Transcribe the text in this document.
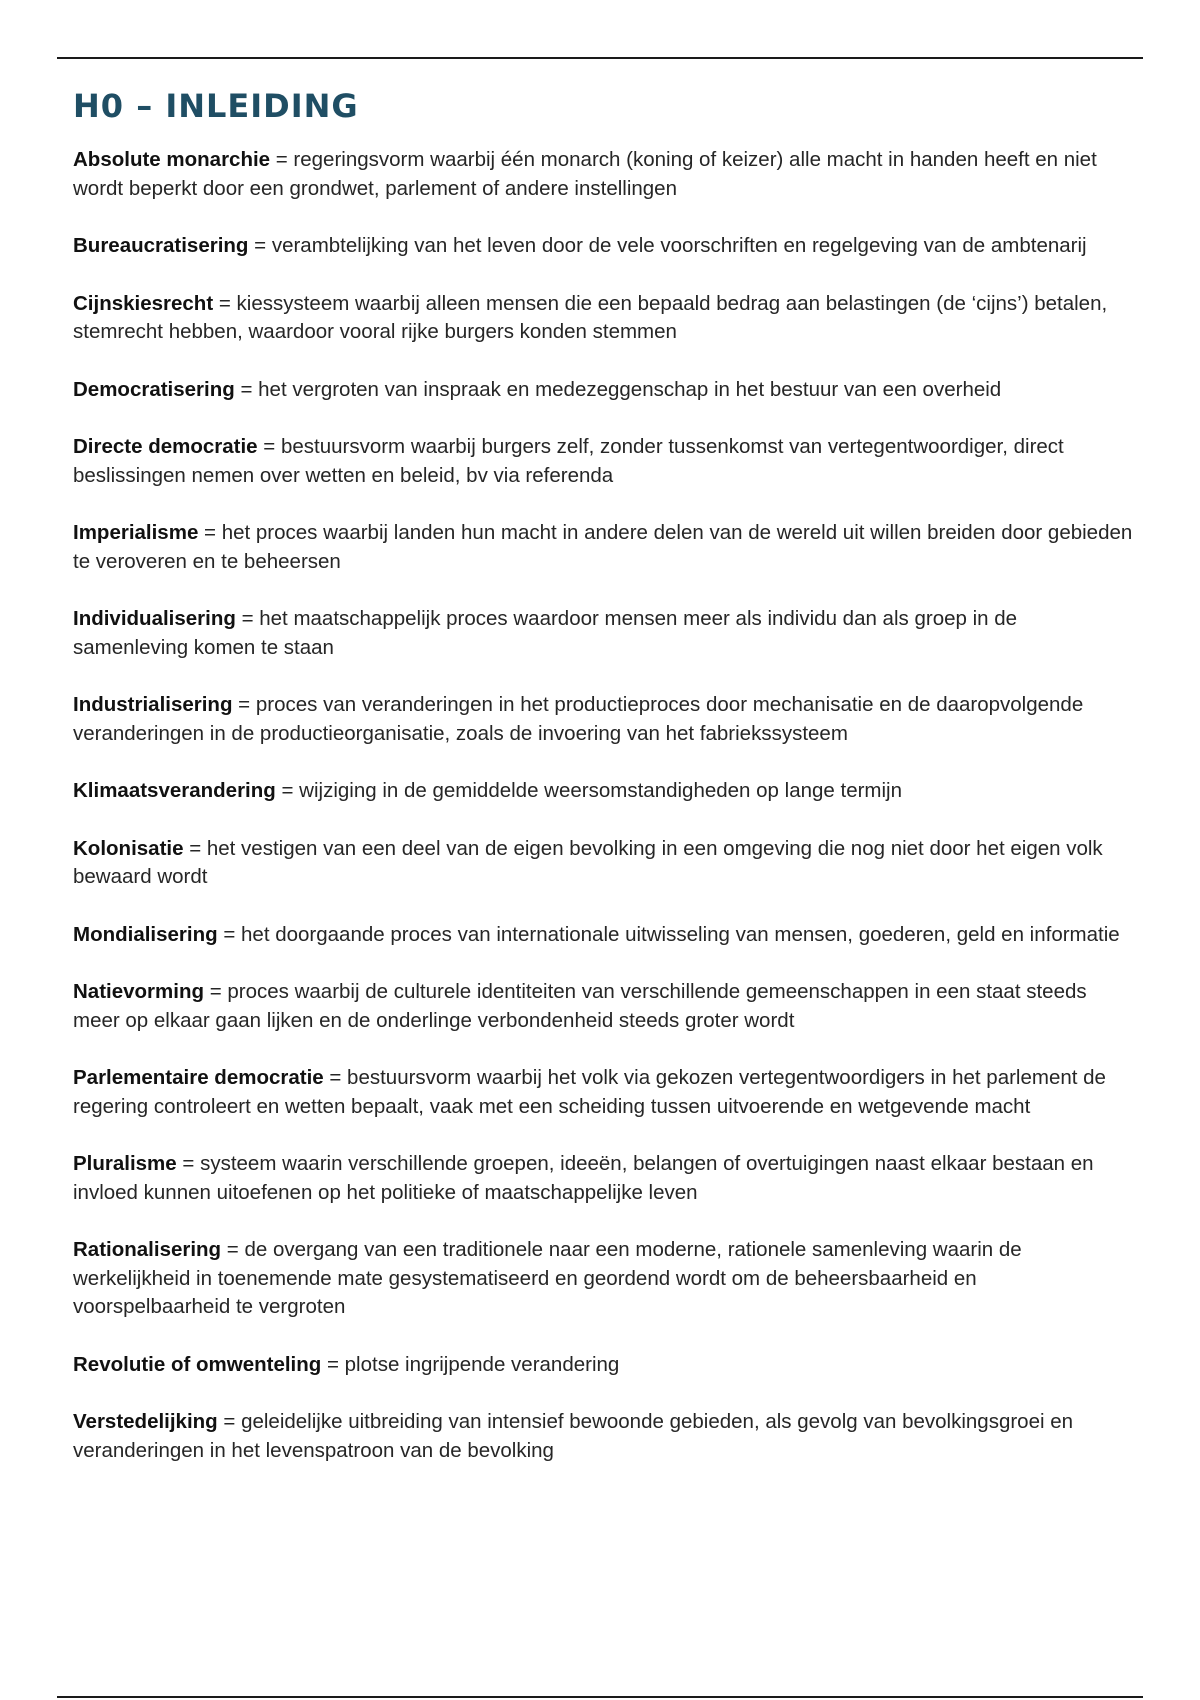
H0 – INLEIDING

Absolute monarchie = regeringsvorm waarbij één monarch (koning of keizer) alle macht in handen heeft en niet wordt beperkt door een grondwet, parlement of andere instellingen

Bureaucratisering = verambtelijking van het leven door de vele voorschriften en regelgeving van de ambtenarij

Cijnskiesrecht = kiessysteem waarbij alleen mensen die een bepaald bedrag aan belastingen (de ‘cijns’) betalen, stemrecht hebben, waardoor vooral rijke burgers konden stemmen

Democratisering = het vergroten van inspraak en medezeggenschap in het bestuur van een overheid

Directe democratie = bestuursvorm waarbij burgers zelf, zonder tussenkomst van vertegentwoordiger, direct beslissingen nemen over wetten en beleid, bv via referenda

Imperialisme = het proces waarbij landen hun macht in andere delen van de wereld uit willen breiden door gebieden te veroveren en te beheersen

Individualisering = het maatschappelijk proces waardoor mensen meer als individu dan als groep in de samenleving komen te staan

Industrialisering = proces van veranderingen in het productieproces door mechanisatie en de daaropvolgende veranderingen in de productieorganisatie, zoals de invoering van het fabriekssysteem

Klimaatsverandering = wijziging in de gemiddelde weersomstandigheden op lange termijn

Kolonisatie = het vestigen van een deel van de eigen bevolking in een omgeving die nog niet door het eigen volk bewaard wordt

Mondialisering = het doorgaande proces van internationale uitwisseling van mensen, goederen, geld en informatie

Natievorming = proces waarbij de culturele identiteiten van verschillende gemeenschappen in een staat steeds meer op elkaar gaan lijken en de onderlinge verbondenheid steeds groter wordt

Parlementaire democratie = bestuursvorm waarbij het volk via gekozen vertegentwoordigers in het parlement de regering controleert en wetten bepaalt, vaak met een scheiding tussen uitvoerende en wetgevende macht

Pluralisme = systeem waarin verschillende groepen, ideeën, belangen of overtuigingen naast elkaar bestaan en invloed kunnen uitoefenen op het politieke of maatschappelijke leven

Rationalisering = de overgang van een traditionele naar een moderne, rationele samenleving waarin de werkelijkheid in toenemende mate gesystematiseerd en geordend wordt om de beheersbaarheid en voorspelbaarheid te vergroten

Revolutie of omwenteling = plotse ingrijpende verandering

Verstedelijking = geleidelijke uitbreiding van intensief bewoonde gebieden, als gevolg van bevolkingsgroei en veranderingen in het levenspatroon van de bevolking
